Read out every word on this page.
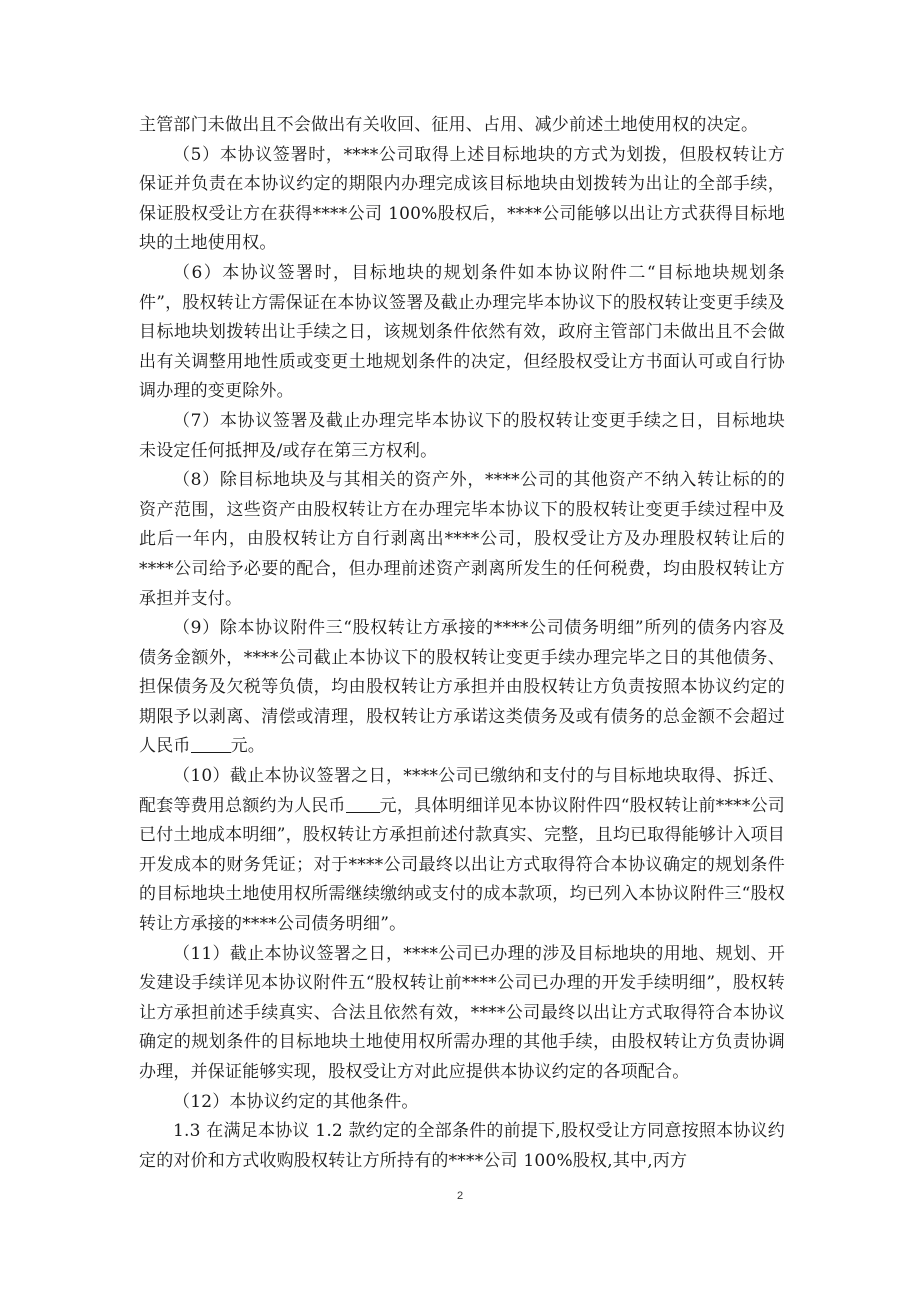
主管部门未做出且不会做出有关收回、征用、占用、减少前述土地使用权的决定。

（5）本协议签署时，****公司取得上述目标地块的方式为划拨，但股权转让方保证并负责在本协议约定的期限内办理完成该目标地块由划拨转为出让的全部手续，保证股权受让方在获得****公司 100%股权后，****公司能够以出让方式获得目标地块的土地使用权。

（6）本协议签署时，目标地块的规划条件如本协议附件二“目标地块规划条件”，股权转让方需保证在本协议签署及截止办理完毕本协议下的股权转让变更手续及目标地块划拨转出让手续之日，该规划条件依然有效，政府主管部门未做出且不会做出有关调整用地性质或变更土地规划条件的决定，但经股权受让方书面认可或自行协调办理的变更除外。

（7）本协议签署及截止办理完毕本协议下的股权转让变更手续之日，目标地块未设定任何抵押及/或存在第三方权利。

（8）除目标地块及与其相关的资产外，****公司的其他资产不纳入转让标的的资产范围，这些资产由股权转让方在办理完毕本协议下的股权转让变更手续过程中及此后一年内，由股权转让方自行剥离出****公司，股权受让方及办理股权转让后的****公司给予必要的配合，但办理前述资产剥离所发生的任何税费，均由股权转让方承担并支付。

（9）除本协议附件三“股权转让方承接的****公司债务明细”所列的债务内容及债务金额外，****公司截止本协议下的股权转让变更手续办理完毕之日的其他债务、担保债务及欠税等负债，均由股权转让方承担并由股权转让方负责按照本协议约定的期限予以剥离、清偿或清理，股权转让方承诺这类债务及或有债务的总金额不会超过人民币 元。

（10）截止本协议签署之日，****公司已缴纳和支付的与目标地块取得、拆迁、配套等费用总额约为人民币 元，具体明细详见本协议附件四“股权转让前****公司已付土地成本明细”，股权转让方承担前述付款真实、完整，且均已取得能够计入项目开发成本的财务凭证；对于****公司最终以出让方式取得符合本协议确定的规划条件的目标地块土地使用权所需继续缴纳或支付的成本款项，均已列入本协议附件三“股权转让方承接的****公司债务明细”。

（11）截止本协议签署之日，****公司已办理的涉及目标地块的用地、规划、开发建设手续详见本协议附件五“股权转让前****公司已办理的开发手续明细”，股权转让方承担前述手续真实、合法且依然有效，****公司最终以出让方式取得符合本协议确定的规划条件的目标地块土地使用权所需办理的其他手续，由股权转让方负责协调办理，并保证能够实现，股权受让方对此应提供本协议约定的各项配合。

（12）本协议约定的其他条件。

1.3 在满足本协议 1.2 款约定的全部条件的前提下,股权受让方同意按照本协议约定的对价和方式收购股权转让方所持有的****公司 100%股权,其中,丙方

2
